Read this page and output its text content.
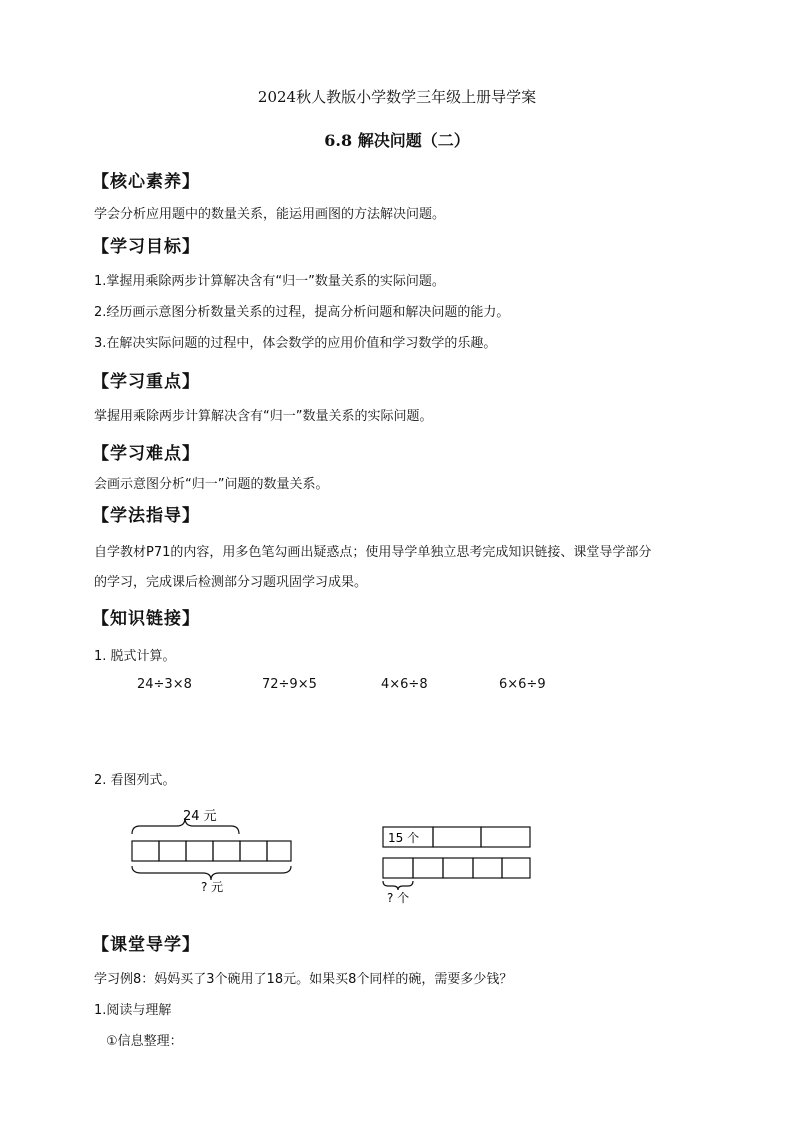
2024秋人教版小学数学三年级上册导学案
6.8 解决问题（二）
【核心素养】
学会分析应用题中的数量关系，能运用画图的方法解决问题。
【学习目标】
1.掌握用乘除两步计算解决含有“归一”数量关系的实际问题。
2.经历画示意图分析数量关系的过程，提高分析问题和解决问题的能力。
3.在解决实际问题的过程中，体会数学的应用价值和学习数学的乐趣。
【学习重点】
掌握用乘除两步计算解决含有“归一”数量关系的实际问题。
【学习难点】
会画示意图分析“归一”问题的数量关系。
【学法指导】
自学教材P71的内容，用多色笔勾画出疑惑点；使用导学单独立思考完成知识链接、课堂导学部分
的学习，完成课后检测部分习题巩固学习成果。
【知识链接】
1. 脱式计算。
24÷3×8	72÷9×5	4×6÷8	6×6÷9
2. 看图列式。
24 元
? 元
15 个
? 个
【课堂导学】
学习例8：妈妈买了3个碗用了18元。如果买8个同样的碗，需要多少钱？
1.阅读与理解
①信息整理：
